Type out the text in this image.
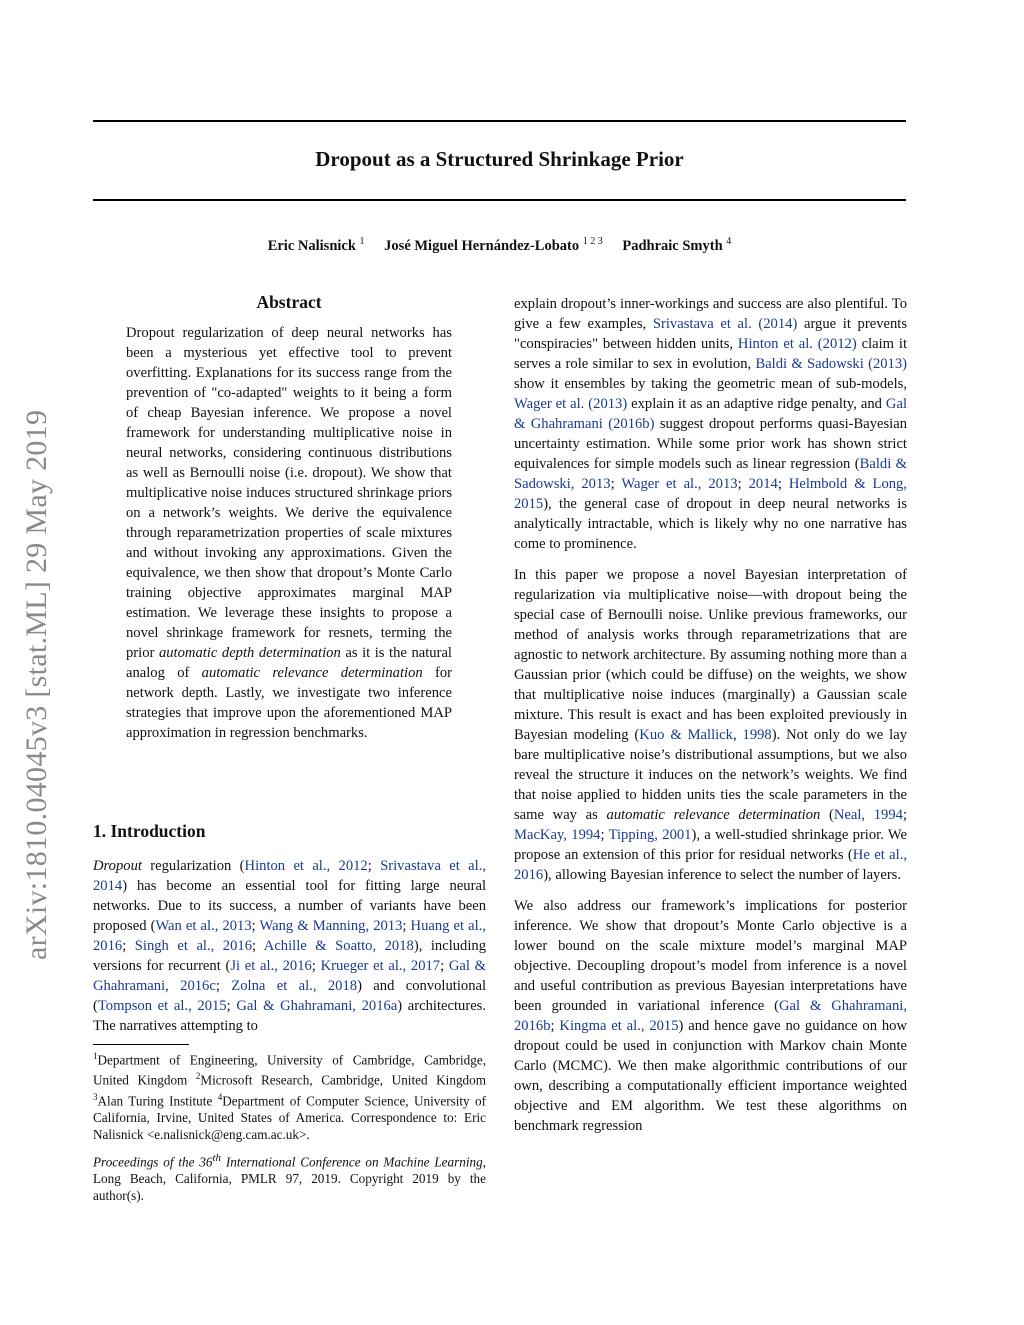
Dropout as a Structured Shrinkage Prior
Eric Nalisnick $^1$ José Miguel Hernández-Lobato $^{1 2 3}$ Padhraic Smyth $^4$
arXiv:1810.04045v3 [stat.ML] 29 May 2019
Abstract
Dropout regularization of deep neural networks has been a mysterious yet effective tool to prevent overfitting. Explanations for its success range from the prevention of "co-adapted" weights to it being a form of cheap Bayesian inference. We propose a novel framework for understanding multiplicative noise in neural networks, considering continuous distributions as well as Bernoulli noise (i.e. dropout). We show that multiplicative noise induces structured shrinkage priors on a network’s weights. We derive the equivalence through reparametrization properties of scale mixtures and without invoking any approximations. Given the equivalence, we then show that dropout’s Monte Carlo training objective approximates marginal MAP estimation. We leverage these insights to propose a novel shrinkage framework for resnets, terming the prior automatic depth determination as it is the natural analog of automatic relevance determination for network depth. Lastly, we investigate two inference strategies that improve upon the aforementioned MAP approximation in regression benchmarks.
1. Introduction

Dropout regularization (Hinton et al., 2012; Srivastava et al., 2014) has become an essential tool for fitting large neural networks. Due to its success, a number of variants have been proposed (Wan et al., 2013; Wang & Manning, 2013; Huang et al., 2016; Singh et al., 2016; Achille & Soatto, 2018), including versions for recurrent (Ji et al., 2016; Krueger et al., 2017; Gal & Ghahramani, 2016c; Zolna et al., 2018) and convolutional (Tompson et al., 2015; Gal & Ghahramani, 2016a) architectures. The narratives attempting to

$^1$Department of Engineering, University of Cambridge, Cambridge, United Kingdom $^2$Microsoft Research, Cambridge, United Kingdom $^3$Alan Turing Institute $^4$Department of Computer Science, University of California, Irvine, United States of America. Correspondence to: Eric Nalisnick <e.nalisnick@eng.cam.ac.uk>.
Proceedings of the 36th International Conference on Machine Learning, Long Beach, California, PMLR 97, 2019. Copyright 2019 by the author(s).

explain dropout’s inner-workings and success are also plentiful. To give a few examples, Srivastava et al. (2014) argue it prevents "conspiracies" between hidden units, Hinton et al. (2012) claim it serves a role similar to sex in evolution, Baldi & Sadowski (2013) show it ensembles by taking the geometric mean of sub-models, Wager et al. (2013) explain it as an adaptive ridge penalty, and Gal & Ghahramani (2016b) suggest dropout performs quasi-Bayesian uncertainty estimation. While some prior work has shown strict equivalences for simple models such as linear regression (Baldi & Sadowski, 2013; Wager et al., 2013; 2014; Helmbold & Long, 2015), the general case of dropout in deep neural networks is analytically intractable, which is likely why no one narrative has come to prominence.

In this paper we propose a novel Bayesian interpretation of regularization via multiplicative noise—with dropout being the special case of Bernoulli noise. Unlike previous frameworks, our method of analysis works through reparametrizations that are agnostic to network architecture. By assuming nothing more than a Gaussian prior (which could be diffuse) on the weights, we show that multiplicative noise induces (marginally) a Gaussian scale mixture. This result is exact and has been exploited previously in Bayesian modeling (Kuo & Mallick, 1998). Not only do we lay bare multiplicative noise’s distributional assumptions, but we also reveal the structure it induces on the network’s weights. We find that noise applied to hidden units ties the scale parameters in the same way as automatic relevance determination (Neal, 1994; MacKay, 1994; Tipping, 2001), a well-studied shrinkage prior. We propose an extension of this prior for residual networks (He et al., 2016), allowing Bayesian inference to select the number of layers.

We also address our framework’s implications for posterior inference. We show that dropout’s Monte Carlo objective is a lower bound on the scale mixture model’s marginal MAP objective. Decoupling dropout’s model from inference is a novel and useful contribution as previous Bayesian interpretations have been grounded in variational inference (Gal & Ghahramani, 2016b; Kingma et al., 2015) and hence gave no guidance on how dropout could be used in conjunction with Markov chain Monte Carlo (MCMC). We then make algorithmic contributions of our own, describing a computationally efficient importance weighted objective and EM algorithm. We test these algorithms on benchmark regression
